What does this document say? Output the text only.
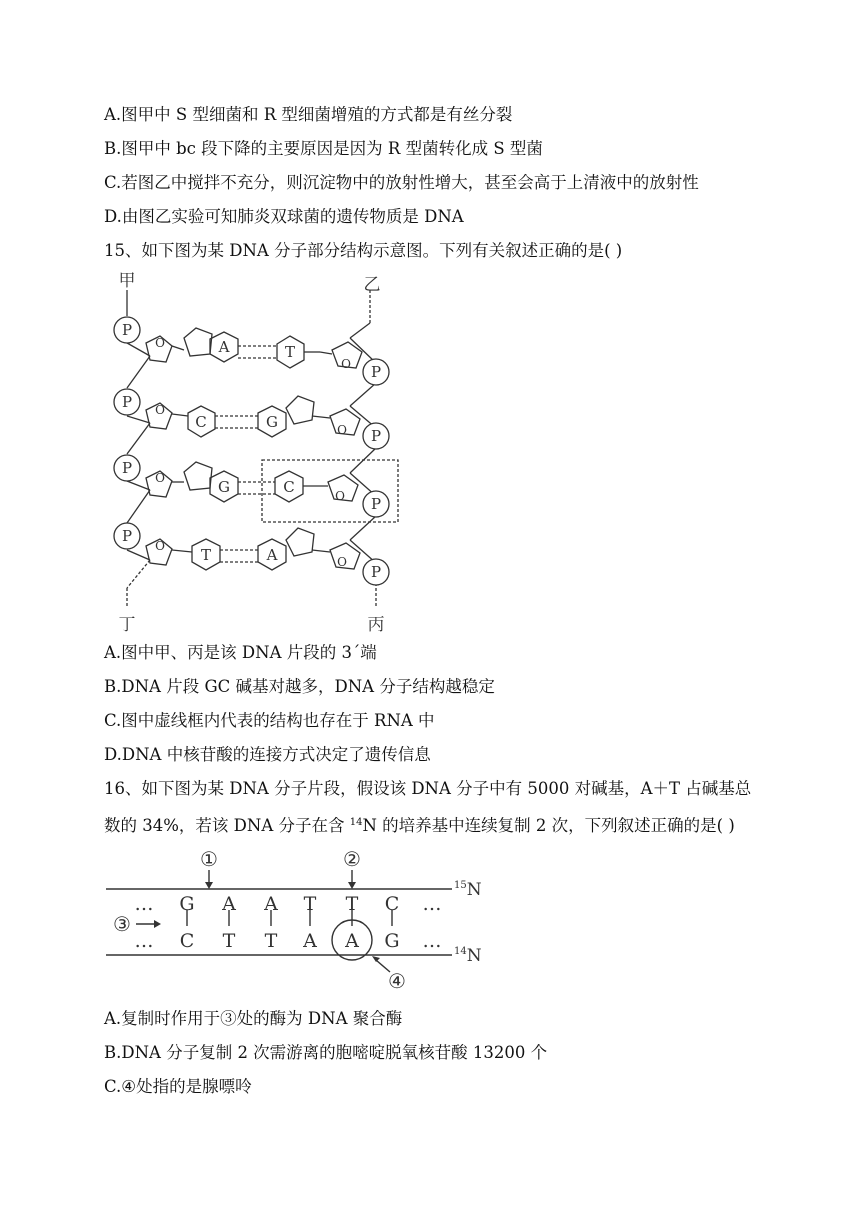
A.图甲中 S 型细菌和 R 型细菌增殖的方式都是有丝分裂
B.图甲中 bc 段下降的主要原因是因为 R 型菌转化成 S 型菌
C.若图乙中搅拌不充分，则沉淀物中的放射性增大，甚至会高于上清液中的放射性
D.由图乙实验可知肺炎双球菌的遗传物质是 DNA
15、如下图为某 DNA 分子部分结构示意图。下列有关叙述正确的是( )
P
P
P
P
P
P
P
P
O
O
O
O
O
O
O
O
A	T
C	G
G	C
T	A
甲	乙
丁	丙
A.图中甲、丙是该 DNA 片段的 3´端
B.DNA 片段 GC 碱基对越多，DNA 分子结构越稳定
C.图中虚线框内代表的结构也存在于 RNA 中
D.DNA 中核苷酸的连接方式决定了遗传信息
16、如下图为某 DNA 分子片段，假设该 DNA 分子中有 5000 对碱基，A＋T 占碱基总
数的 34%，若该 DNA 分子在含 $^{14}$N 的培养基中连续复制 2 次，下列叙述正确的是( )
… G A A T T C …
… C T T A A G …
①	②
③
④
$^{15}$N
$^{14}$N
A.复制时作用于③处的酶为 DNA 聚合酶
B.DNA 分子复制 2 次需游离的胞嘧啶脱氧核苷酸 13200 个
C.④处指的是腺嘌呤
